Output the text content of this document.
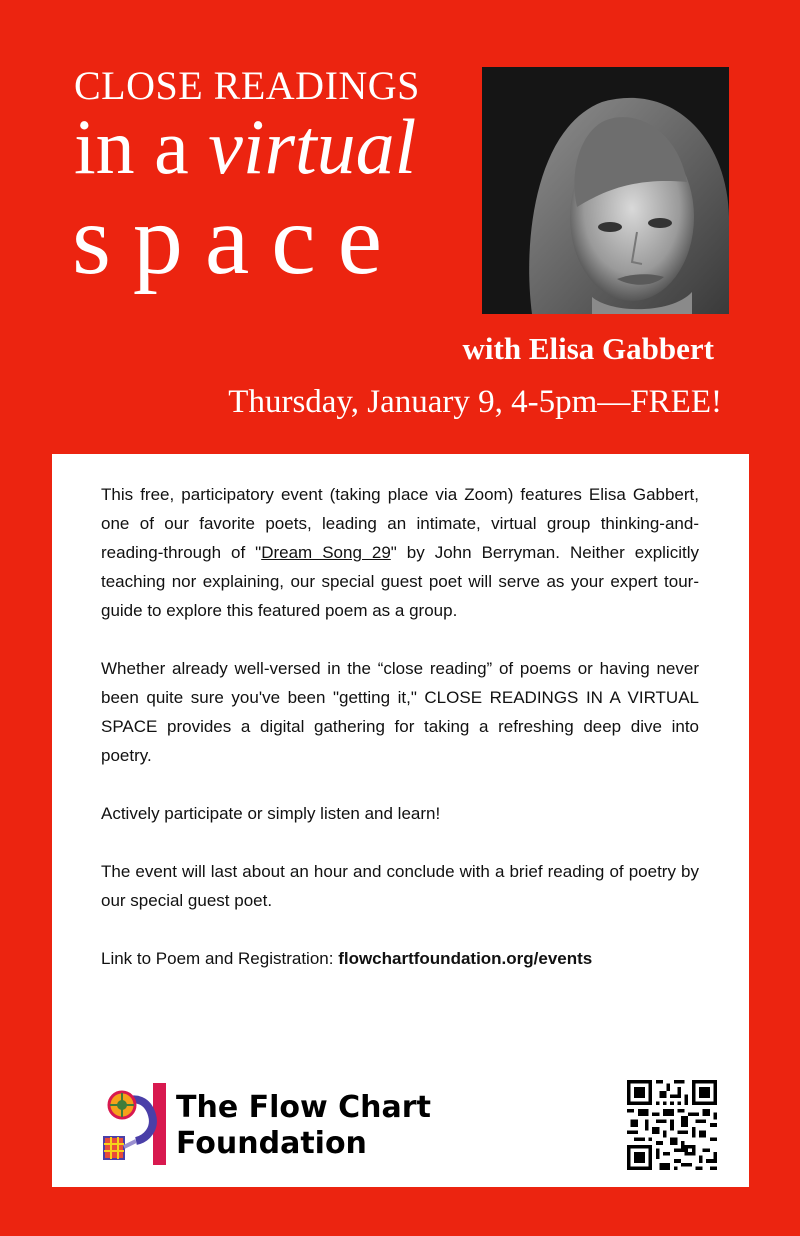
CLOSE READINGS
in a virtual
space
with Elisa Gabbert
Thursday, January 9, 4-5pm—FREE!

This free, participatory event (taking place via Zoom) features Elisa Gabbert, one of our favorite poets, leading an intimate, virtual group thinking-and-reading-through of "Dream Song 29" by John Berryman. Neither explicitly teaching nor explaining, our special guest poet will serve as your expert tour-guide to explore this featured poem as a group.

Whether already well-versed in the “close reading” of poems or having never been quite sure you've been "getting it," CLOSE READINGS IN A VIRTUAL SPACE provides a digital gathering for taking a refreshing deep dive into poetry.

Actively participate or simply listen and learn!

The event will last about an hour and conclude with a brief reading of poetry by our special guest poet.

Link to Poem and Registration: flowchartfoundation.org/events

The Flow Chart
Foundation
